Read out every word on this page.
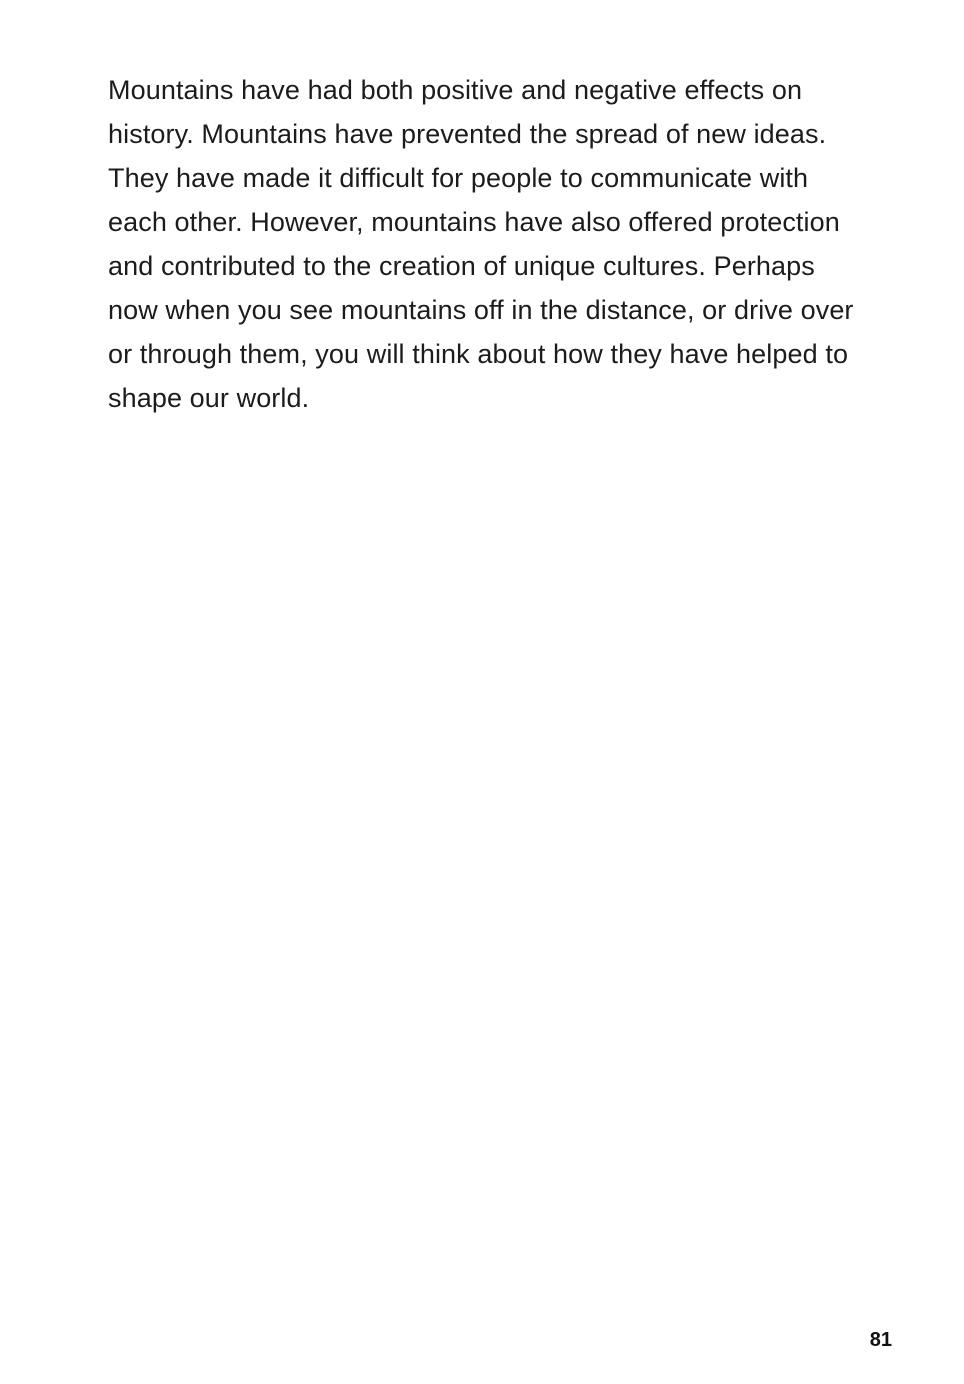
Mountains have had both positive and negative effects on
history. Mountains have prevented the spread of new ideas.
They have made it difficult for people to communicate with
each other. However, mountains have also offered protection
and contributed to the creation of unique cultures. Perhaps
now when you see mountains off in the distance, or drive over
or through them, you will think about how they have helped to
shape our world.
81
